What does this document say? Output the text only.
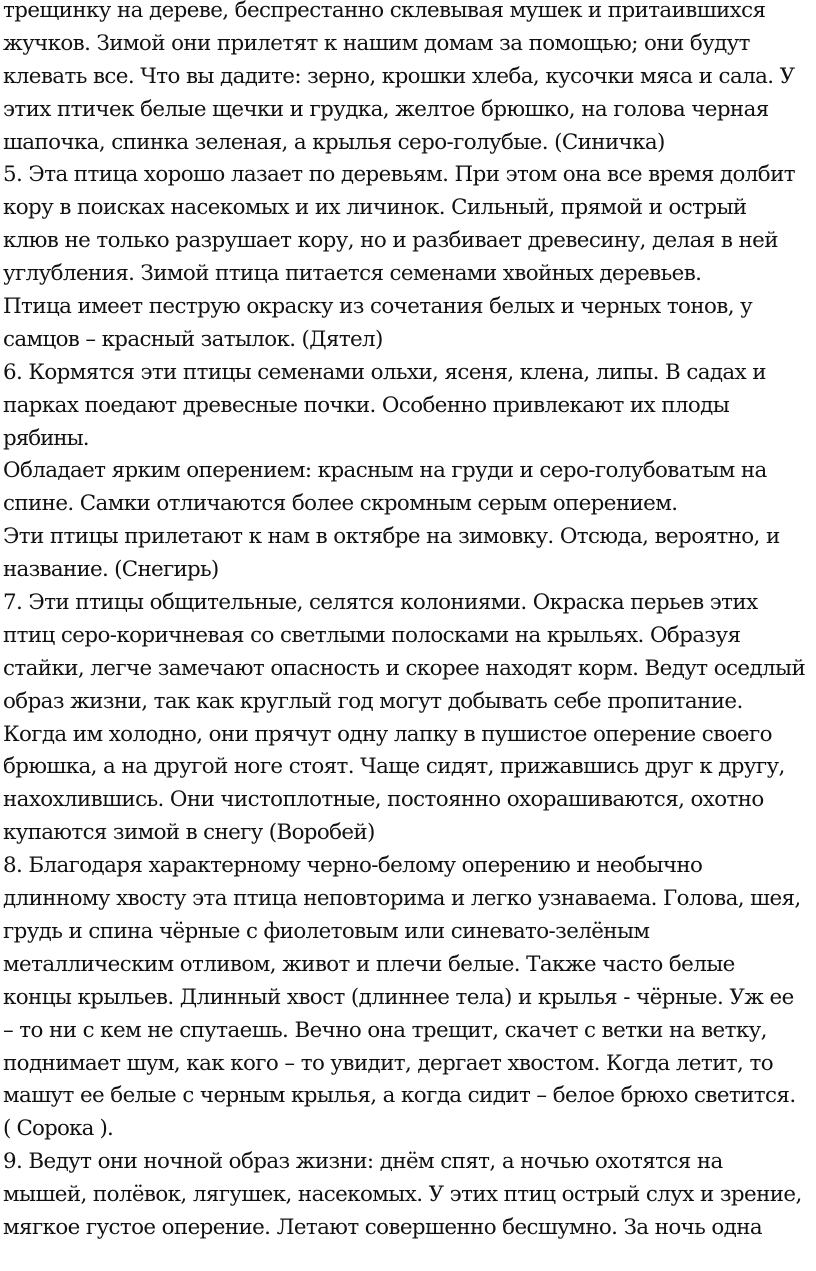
трещинку на дереве, беспрестанно склевывая мушек и притаившихся
жучков. Зимой они прилетят к нашим домам за помощью; они будут
клевать все. Что вы дадите: зерно, крошки хлеба, кусочки мяса и сала. У
этих птичек белые щечки и грудка, желтое брюшко, на голова черная
шапочка, спинка зеленая, а крылья серо-голубые. (Синичка)
5. Эта птица хорошо лазает по деревьям. При этом она все время долбит
кору в поисках насекомых и их личинок. Сильный, прямой и острый
клюв не только разрушает кору, но и разбивает древесину, делая в ней
углубления. Зимой птица питается семенами хвойных деревьев.
Птица имеет пеструю окраску из сочетания белых и черных тонов, у
самцов – красный затылок. (Дятел)
6. Кормятся эти птицы семенами ольхи, ясеня, клена, липы. В садах и
парках поедают древесные почки. Особенно привлекают их плоды
рябины.
Обладает ярким оперением: красным на груди и серо-голубоватым на
спине. Самки отличаются более скромным серым оперением.
Эти птицы прилетают к нам в октябре на зимовку. Отсюда, вероятно, и
название. (Снегирь)
7. Эти птицы общительные, селятся колониями. Окраска перьев этих
птиц серо-коричневая со светлыми полосками на крыльях. Образуя
стайки, легче замечают опасность и скорее находят корм. Ведут оседлый
образ жизни, так как круглый год могут добывать себе пропитание.
Когда им холодно, они прячут одну лапку в пушистое оперение своего
брюшка, а на другой ноге стоят. Чаще сидят, прижавшись друг к другу,
нахохлившись. Они чистоплотные, постоянно охорашиваются, охотно
купаются зимой в снегу (Воробей)
8. Благодаря характерному черно-белому оперению и необычно
длинному хвосту эта птица неповторима и легко узнаваема. Голова, шея,
грудь и спина чёрные с фиолетовым или синевато-зелёным
металлическим отливом, живот и плечи белые. Также часто белые
концы крыльев. Длинный хвост (длиннее тела) и крылья - чёрные. Уж ее
– то ни с кем не спутаешь. Вечно она трещит, скачет с ветки на ветку,
поднимает шум, как кого – то увидит, дергает хвостом. Когда летит, то
машут ее белые с черным крылья, а когда сидит – белое брюхо светится.
( Сорока ).
9. Ведут они ночной образ жизни: днём спят, а ночью охотятся на
мышей, полёвок, лягушек, насекомых. У этих птиц острый слух и зрение,
мягкое густое оперение. Летают совершенно бесшумно. За ночь одна
